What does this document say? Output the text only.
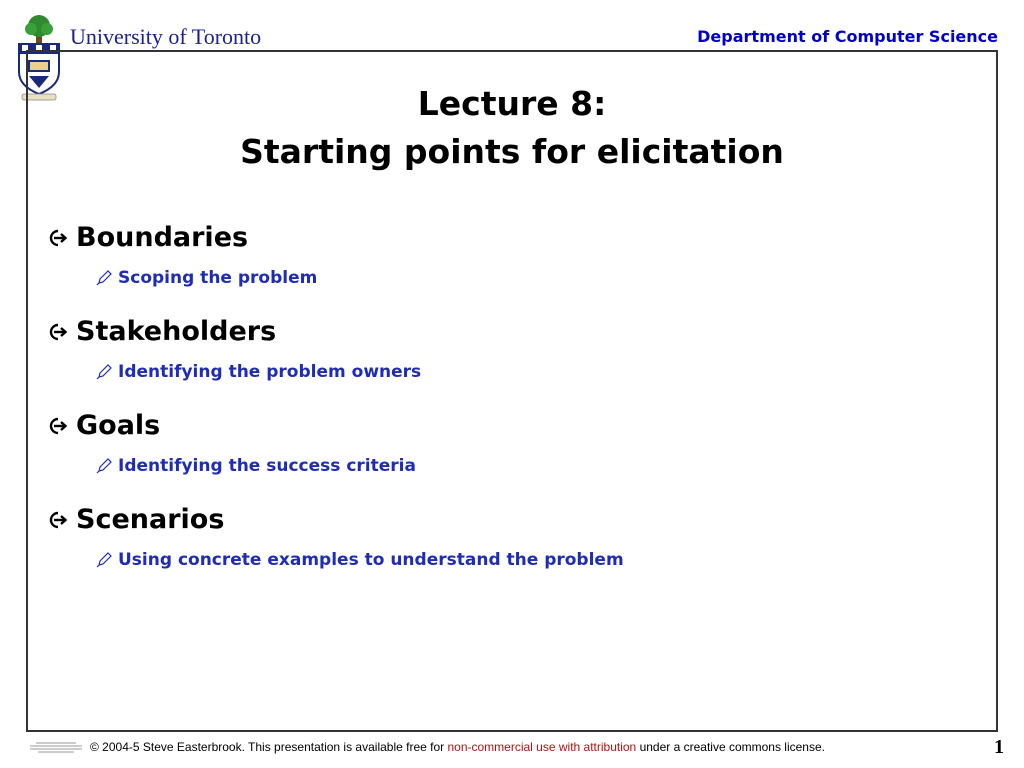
University of Toronto	Department of Computer Science
Lecture 8:
Starting points for elicitation
Boundaries
Scoping the problem
Stakeholders
Identifying the problem owners
Goals
Identifying the success criteria
Scenarios
Using concrete examples to understand the problem
© 2004-5 Steve Easterbrook. This presentation is available free for non-commercial use with attribution under a creative commons license.	1
